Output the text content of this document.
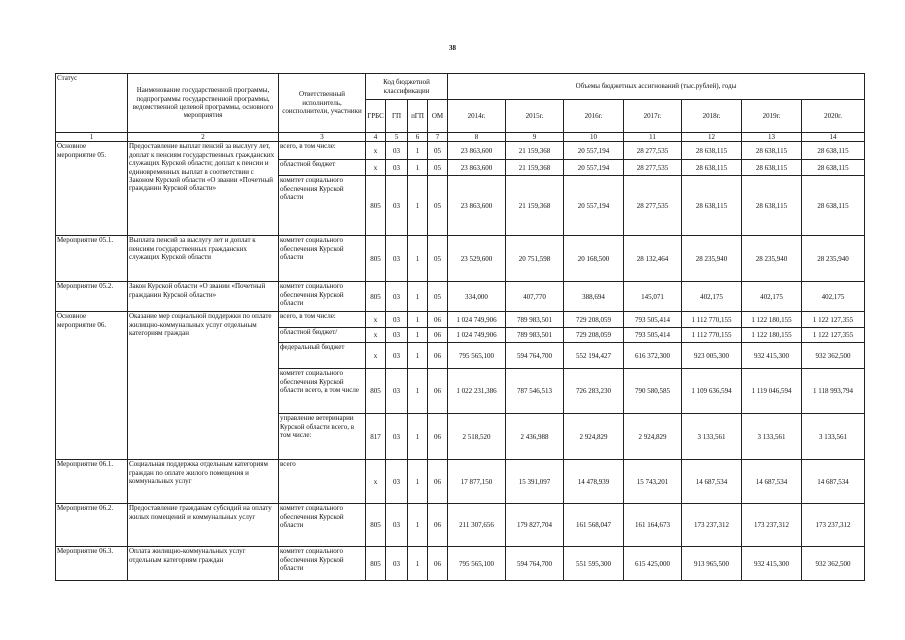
38
Статус	Наименование государственной программы, подпрограммы государственной программы, ведомственной целевой программы, основного мероприятия	Ответственный исполнитель, соисполнители, участники	Код бюджетной классификации				Объемы бюджетных ассигнований (тыс.рублей), годы						
			ГРБС	ГП	пГП	ОМ	2014г.	2015г.	2016г.	2017г.	2018г.	2019г.	2020г.
1	2	3	4	5	6	7	8	9	10	11	12	13	14
Основное мероприятие 05.	Предоставление выплат пенсий за выслугу лет, доплат к пенсиям государственных гражданских служащих Курской области; доплат к пенсии и единовременных выплат в соответствии с Законом Курской области «О звании «Почетный гражданин Курской области»	всего, в том числе:	х	03	1	05	23 863,600	21 159,368	20 557,194	28 277,535	28 638,115	28 638,115	28 638,115
		областной бюджет	х	03	1	05	23 863,600	21 159,368	20 557,194	28 277,535	28 638,115	28 638,115	28 638,115
		комитет социального обеспечения Курской области	805	03	1	05	23 863,600	21 159,368	20 557,194	28 277,535	28 638,115	28 638,115	28 638,115
Мероприятие 05.1.	Выплата пенсий за выслугу лет и доплат к пенсиям государственных гражданских служащих Курской области	комитет социального обеспечения Курской области	805	03	1	05	23 529,600	20 751,598	20 168,500	28 132,464	28 235,940	28 235,940	28 235,940
Мероприятие 05.2.	Закон Курской области «О звании «Почетный гражданин Курской области»	комитет социального обеспечения Курской области	805	03	1	05	334,000	407,770	388,694	145,071	402,175	402,175	402,175
Основное мероприятие 06.	Оказание мер социальной поддержки по оплате жилищно-коммунальных услуг отдельным категориям граждан	всего, в том числе:	х	03	1	06	1 024 749,906	789 983,501	729 208,059	793 505,414	1 112 770,155	1 122 180,155	1 122 127,355
		областной бюджет/	х	03	1	06	1 024 749,906	789 983,501	729 208,059	793 505,414	1 112 770,155	1 122 180,155	1 122 127,355
		федеральный бюджет	х	03	1	06	795 565,100	594 764,700	552 194,427	616 372,300	923 005,300	932 415,300	932 362,500
		комитет социального обеспечения Курской области всего, в том числе	805	03	1	06	1 022 231,386	787 546,513	726 283,230	790 580,585	1 109 636,594	1 119 046,594	1 118 993,794
		управление ветеринарии Курской области всего, в том числе:	817	03	1	06	2 518,520	2 436,988	2 924,829	2 924,829	3 133,561	3 133,561	3 133,561
Мероприятие 06.1.	Социальная поддержка отдельным категориям граждан по оплате жилого помещения и коммунальных услуг	всего	х	03	1	06	17 877,150	15 391,097	14 478,939	15 743,201	14 687,534	14 687,534	14 687,534
Мероприятие 06.2.	Предоставление гражданам субсидий на оплату жилых помещений и коммунальных услуг	комитет социального обеспечения Курской области	805	03	1	06	211 307,656	179 827,704	161 568,047	161 164,673	173 237,312	173 237,312	173 237,312
Мероприятие 06.3.	Оплата жилищно-коммунальных услуг отдельным категориям граждан	комитет социального обеспечения Курской области	805	03	1	06	795 565,100	594 764,700	551 595,300	615 425,000	913 965,500	932 415,300	932 362,500
